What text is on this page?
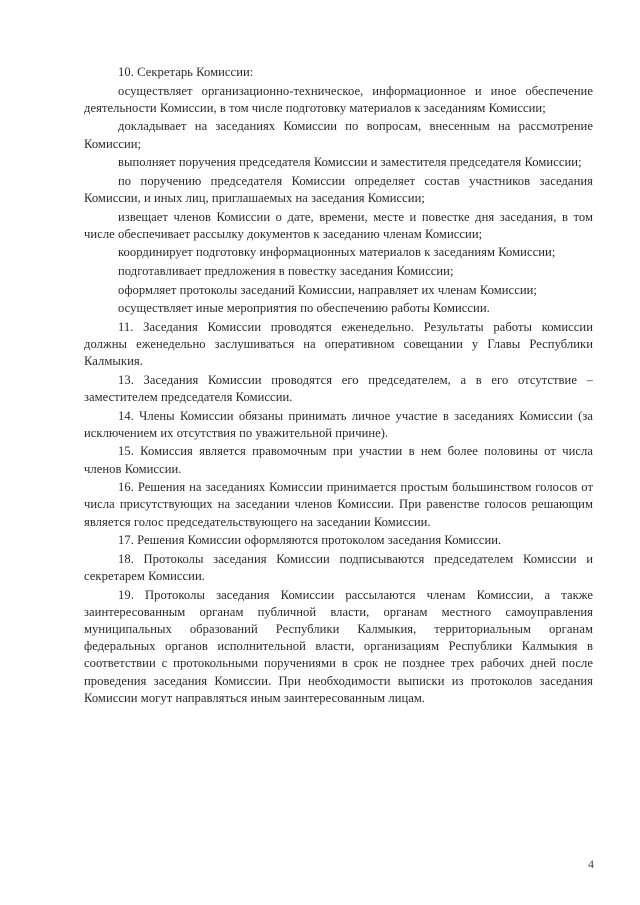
10. Секретарь Комиссии:

осуществляет организационно-техническое, информационное и иное обеспечение деятельности Комиссии, в том числе подготовку материалов к заседаниям Комиссии;

докладывает на заседаниях Комиссии по вопросам, внесенным на рассмотрение Комиссии;

выполняет поручения председателя Комиссии и заместителя председателя Комиссии;

по поручению председателя Комиссии определяет состав участников заседания Комиссии, и иных лиц, приглашаемых на заседания Комиссии;

извещает членов Комиссии о дате, времени, месте и повестке дня заседания, в том числе обеспечивает рассылку документов к заседанию членам Комиссии;

координирует подготовку информационных материалов к заседаниям Комиссии;

подготавливает предложения в повестку заседания Комиссии;

оформляет протоколы заседаний Комиссии, направляет их членам Комиссии;

осуществляет иные мероприятия по обеспечению работы Комиссии.

11. Заседания Комиссии проводятся еженедельно. Результаты работы комиссии должны еженедельно заслушиваться на оперативном совещании у Главы Республики Калмыкия.

13. Заседания Комиссии проводятся его председателем, а в его отсутствие – заместителем председателя Комиссии.

14. Члены Комиссии обязаны принимать личное участие в заседаниях Комиссии (за исключением их отсутствия по уважительной причине).

15. Комиссия является правомочным при участии в нем более половины от числа членов Комиссии.

16. Решения на заседаниях Комиссии принимается простым большинством голосов от числа присутствующих на заседании членов Комиссии. При равенстве голосов решающим является голос председательствующего на заседании Комиссии.

17. Решения Комиссии оформляются протоколом заседания Комиссии.

18. Протоколы заседания Комиссии подписываются председателем Комиссии и секретарем Комиссии.

19. Протоколы заседания Комиссии рассылаются членам Комиссии, а также заинтересованным органам публичной власти, органам местного самоуправления муниципальных образований Республики Калмыкия, территориальным органам федеральных органов исполнительной власти, организациям Республики Калмыкия в соответствии с протокольными поручениями в срок не позднее трех рабочих дней после проведения заседания Комиссии. При необходимости выписки из протоколов заседания Комиссии могут направляться иным заинтересованным лицам.

4
